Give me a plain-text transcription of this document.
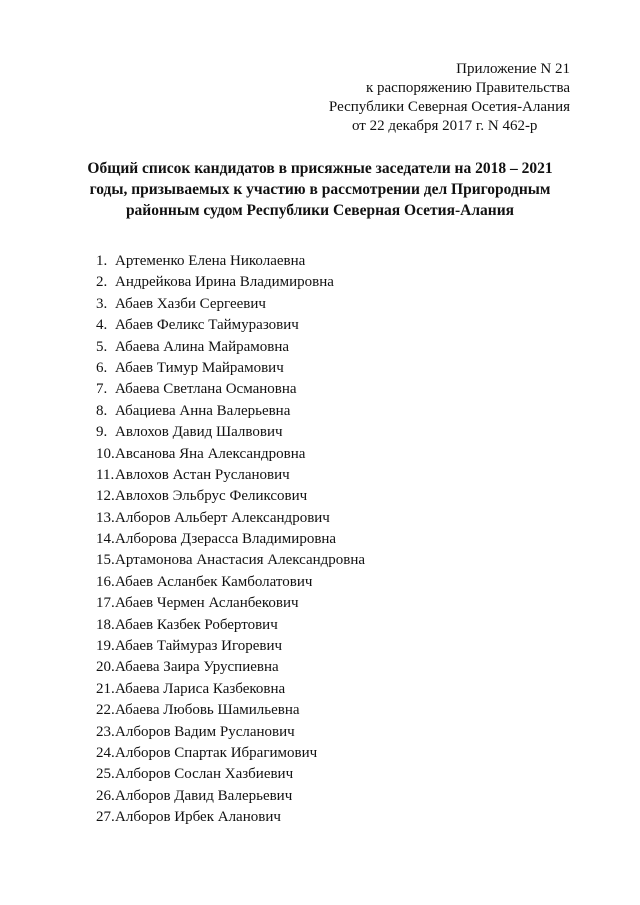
Приложение N 21
к распоряжению Правительства
Республики Северная Осетия-Алания
от 22 декабря 2017 г. N 462-р
Общий список кандидатов в присяжные заседатели на 2018 – 2021
годы, призываемых к участию в рассмотрении дел Пригородным
районным судом Республики Северная Осетия-Алания
1. Артеменко Елена Николаевна
2. Андрейкова Ирина Владимировна
3. Абаев Хазби Сергеевич
4. Абаев Феликс Таймуразович
5. Абаева Алина Майрамовна
6. Абаев Тимур Майрамович
7. Абаева Светлана Османовна
8. Абациева Анна Валерьевна
9. Авлохов Давид Шалвович
10. Авсанова Яна Александровна
11. Авлохов Астан Русланович
12. Авлохов Эльбрус Феликсович
13. Алборов Альберт Александрович
14. Алборова Дзерасса Владимировна
15. Артамонова Анастасия Александровна
16. Абаев Асланбек Камболатович
17. Абаев Чермен Асланбекович
18. Абаев Казбек Робертович
19. Абаев Таймураз Игоревич
20. Абаева Заира Уруспиевна
21. Абаева Лариса Казбековна
22. Абаева Любовь Шамильевна
23. Алборов Вадим Русланович
24. Алборов Спартак Ибрагимович
25. Алборов Сослан Хазбиевич
26. Алборов Давид Валерьевич
27. Алборов Ирбек Аланович
